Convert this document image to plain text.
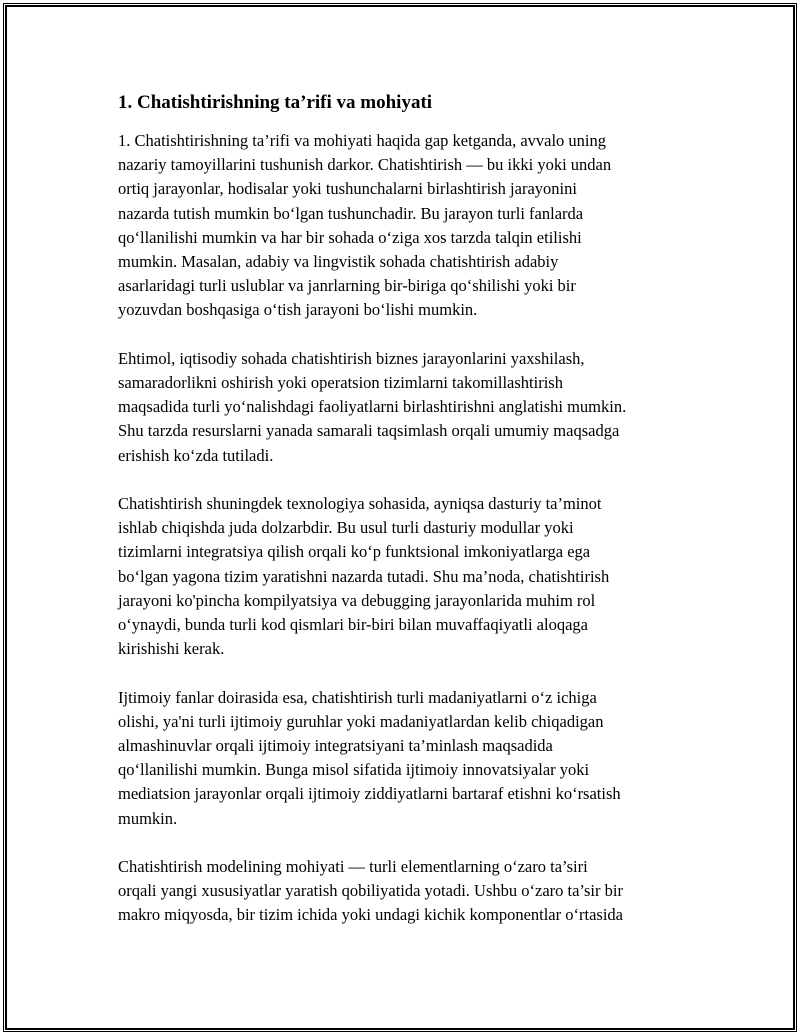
1. Chatishtirishning ta’rifi va mohiyati

1. Chatishtirishning ta’rifi va mohiyati haqida gap ketganda, avvalo uning
nazariy tamoyillarini tushunish darkor. Chatishtirish — bu ikki yoki undan
ortiq jarayonlar, hodisalar yoki tushunchalarni birlashtirish jarayonini
nazarda tutish mumkin bo‘lgan tushunchadir. Bu jarayon turli fanlarda
qo‘llanilishi mumkin va har bir sohada o‘ziga xos tarzda talqin etilishi
mumkin. Masalan, adabiy va lingvistik sohada chatishtirish adabiy
asarlaridagi turli uslublar va janrlarning bir-biriga qo‘shilishi yoki bir
yozuvdan boshqasiga o‘tish jarayoni bo‘lishi mumkin.

Ehtimol, iqtisodiy sohada chatishtirish biznes jarayonlarini yaxshilash,
samaradorlikni oshirish yoki operatsion tizimlarni takomillashtirish
maqsadida turli yo‘nalishdagi faoliyatlarni birlashtirishni anglatishi mumkin.
Shu tarzda resurslarni yanada samarali taqsimlash orqali umumiy maqsadga
erishish ko‘zda tutiladi.

Chatishtirish shuningdek texnologiya sohasida, ayniqsa dasturiy ta’minot
ishlab chiqishda juda dolzarbdir. Bu usul turli dasturiy modullar yoki
tizimlarni integratsiya qilish orqali ko‘p funktsional imkoniyatlarga ega
bo‘lgan yagona tizim yaratishni nazarda tutadi. Shu ma’noda, chatishtirish
jarayoni ko'pincha kompilyatsiya va debugging jarayonlarida muhim rol
o‘ynaydi, bunda turli kod qismlari bir-biri bilan muvaffaqiyatli aloqaga
kirishishi kerak.

Ijtimoiy fanlar doirasida esa, chatishtirish turli madaniyatlarni o‘z ichiga
olishi, ya'ni turli ijtimoiy guruhlar yoki madaniyatlardan kelib chiqadigan
almashinuvlar orqali ijtimoiy integratsiyani ta’minlash maqsadida
qo‘llanilishi mumkin. Bunga misol sifatida ijtimoiy innovatsiyalar yoki
mediatsion jarayonlar orqali ijtimoiy ziddiyatlarni bartaraf etishni ko‘rsatish
mumkin.

Chatishtirish modelining mohiyati — turli elementlarning o‘zaro ta’siri
orqali yangi xususiyatlar yaratish qobiliyatida yotadi. Ushbu o‘zaro ta’sir bir
makro miqyosda, bir tizim ichida yoki undagi kichik komponentlar o‘rtasida
